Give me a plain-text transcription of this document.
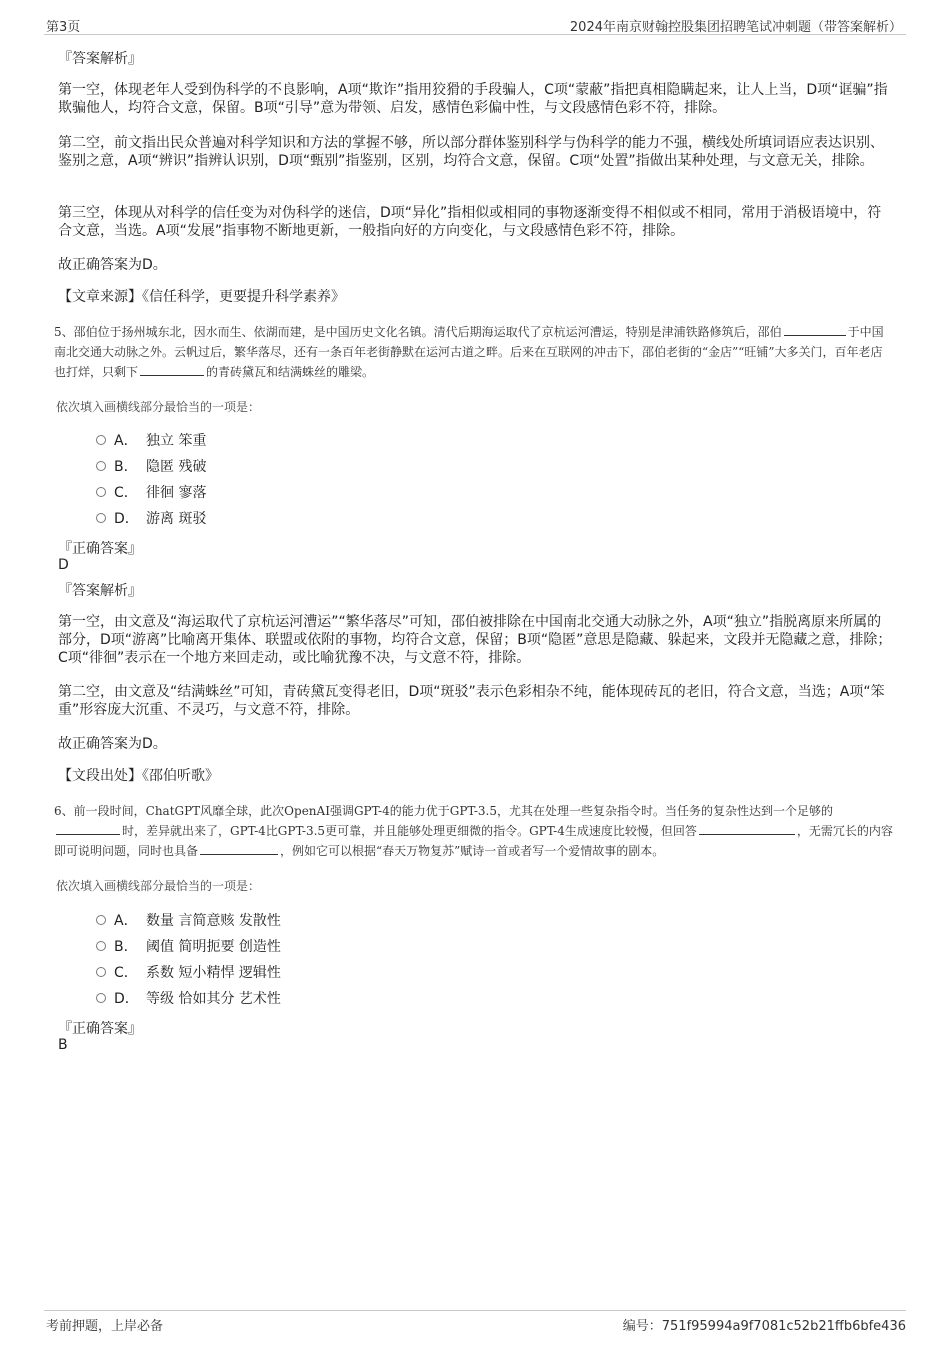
第3页	2024年南京财翰控股集团招聘笔试冲刺题（带答案解析）
『答案解析』
第一空，体现老年人受到伪科学的不良影响，A项“欺诈”指用狡猾的手段骗人，C项“蒙蔽”指把真相隐瞒起来，让人上当，D项“诓骗”指欺骗他人，均符合文意，保留。B项“引导”意为带领、启发，感情色彩偏中性，与文段感情色彩不符，排除。
第二空，前文指出民众普遍对科学知识和方法的掌握不够，所以部分群体鉴别科学与伪科学的能力不强，横线处所填词语应表达识别、鉴别之意，A项“辨识”指辨认识别，D项“甄别”指鉴别，区别，均符合文意，保留。C项“处置”指做出某种处理，与文意无关，排除。
第三空，体现从对科学的信任变为对伪科学的迷信，D项“异化”指相似或相同的事物逐渐变得不相似或不相同，常用于消极语境中，符合文意，当选。A项“发展”指事物不断地更新，一般指向好的方向变化，与文段感情色彩不符，排除。
故正确答案为D。
【文章来源】《信任科学，更要提升科学素养》
5、邵伯位于扬州城东北，因水而生、依湖而建，是中国历史文化名镇。清代后期海运取代了京杭运河漕运，特别是津浦铁路修筑后，邵伯	于中国南北交通大动脉之外。云帆过后，繁华落尽，还有一条百年老街静默在运河古道之畔。后来在互联网的冲击下，邵伯老街的“金店”“旺铺”大多关门，百年老店也打烊，只剩下	的青砖黛瓦和结满蛛丝的雕梁。
依次填入画横线部分最恰当的一项是：
A． 独立 笨重
B． 隐匿 残破
C． 徘徊 寥落
D． 游离 斑驳
『正确答案』
D
『答案解析』
第一空，由文意及“海运取代了京杭运河漕运”“繁华落尽”可知，邵伯被排除在中国南北交通大动脉之外，A项“独立”指脱离原来所属的部分，D项“游离”比喻离开集体、联盟或依附的事物，均符合文意，保留；B项“隐匿”意思是隐藏、躲起来，文段并无隐藏之意，排除；C项“徘徊”表示在一个地方来回走动，或比喻犹豫不决，与文意不符，排除。
第二空，由文意及“结满蛛丝”可知，青砖黛瓦变得老旧，D项“斑驳”表示色彩相杂不纯，能体现砖瓦的老旧，符合文意，当选；A项“笨重”形容庞大沉重、不灵巧，与文意不符，排除。
故正确答案为D。
【文段出处】《邵伯听歌》
6、前一段时间，ChatGPT风靡全球，此次OpenAI强调GPT-4的能力优于GPT-3.5，尤其在处理一些复杂指令时。当任务的复杂性达到一个足够的时，差异就出来了，GPT-4比GPT-3.5更可靠，并且能够处理更细微的指令。GPT-4生成速度比较慢，但回答	，无需冗长的内容即可说明问题，同时也具备	，例如它可以根据“春天万物复苏”赋诗一首或者写一个爱情故事的剧本。
依次填入画横线部分最恰当的一项是：
A． 数量 言简意赅 发散性
B． 阈值 简明扼要 创造性
C． 系数 短小精悍 逻辑性
D． 等级 恰如其分 艺术性
『正确答案』
B
考前押题，上岸必备	编号：751f95994a9f7081c52b21ffb6bfe436
